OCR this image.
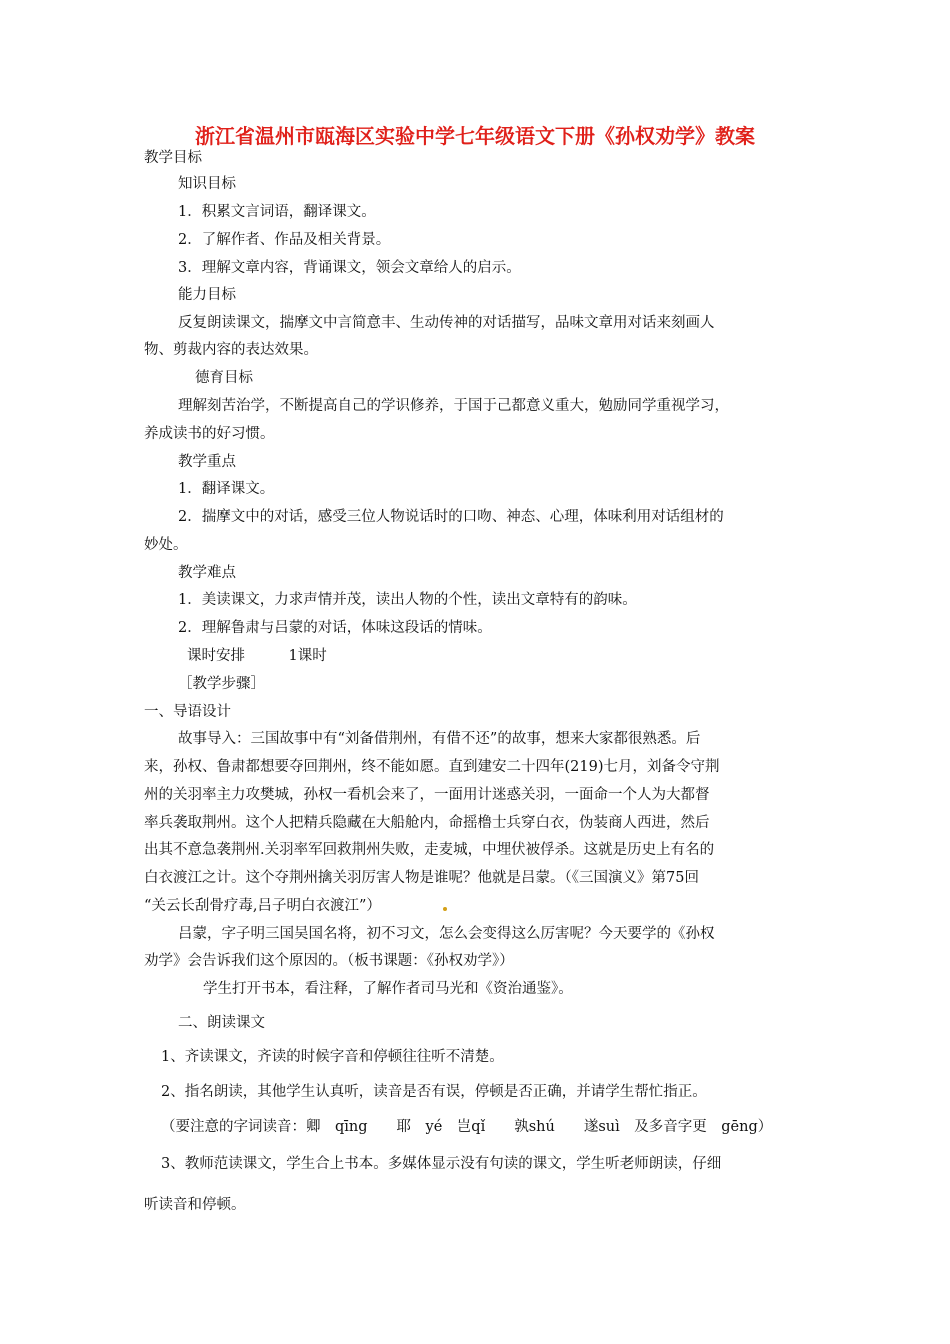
浙江省温州市瓯海区实验中学七年级语文下册《孙权劝学》教案
教学目标
知识目标
1．积累文言词语，翻译课文。
2．了解作者、作品及相关背景。
3．理解文章内容，背诵课文，领会文章给人的启示。
能力目标
反复朗读课文，揣摩文中言简意丰、生动传神的对话描写，品味文章用对话来刻画人
物、剪裁内容的表达效果。
德育目标
理解刻苦治学，不断提高自己的学识修养，于国于己都意义重大，勉励同学重视学习，
养成读书的好习惯。
教学重点
1．翻译课文。
2．揣摩文中的对话，感受三位人物说话时的口吻、神态、心理，体味利用对话组材的
妙处。
教学难点
1．美读课文，力求声情并茂，读出人物的个性，读出文章特有的韵味。
2．理解鲁肃与吕蒙的对话，体味这段话的情味。
课时安排　　　1课时
［教学步骤］
一、导语设计
故事导入：三国故事中有“刘备借荆州，有借不还”的故事，想来大家都很熟悉。后
来，孙权、鲁肃都想要夺回荆州，终不能如愿。直到建安二十四年(219)七月，刘备令守荆
州的关羽率主力攻樊城，孙权一看机会来了，一面用计迷惑关羽，一面命一个人为大都督
率兵袭取荆州。这个人把精兵隐藏在大船舱内，命摇橹士兵穿白衣，伪装商人西进，然后
出其不意急袭荆州.关羽率军回救荆州失败，走麦城，中埋伏被俘杀。这就是历史上有名的
白衣渡江之计。这个夺荆州擒关羽厉害人物是谁呢？他就是吕蒙。（《三国演义》第75回
“关云长刮骨疗毒,吕子明白衣渡江”）
吕蒙，字子明三国吴国名将，初不习文，怎么会变得这么厉害呢？今天要学的《孙权
劝学》会告诉我们这个原因的。（板书课题：《孙权劝学》）
学生打开书本，看注释，了解作者司马光和《资治通鉴》。
二、朗读课文
1、齐读课文，齐读的时候字音和停顿往往听不清楚。
2、指名朗读，其他学生认真听，读音是否有误，停顿是否正确，并请学生帮忙指正。
（要注意的字词读音：卿　qīng　　耶　yé　岂qǐ　　孰shú　　遂suì　及多音字更　gēng）
3、教师范读课文，学生合上书本。多媒体显示没有句读的课文，学生听老师朗读，仔细
听读音和停顿。
